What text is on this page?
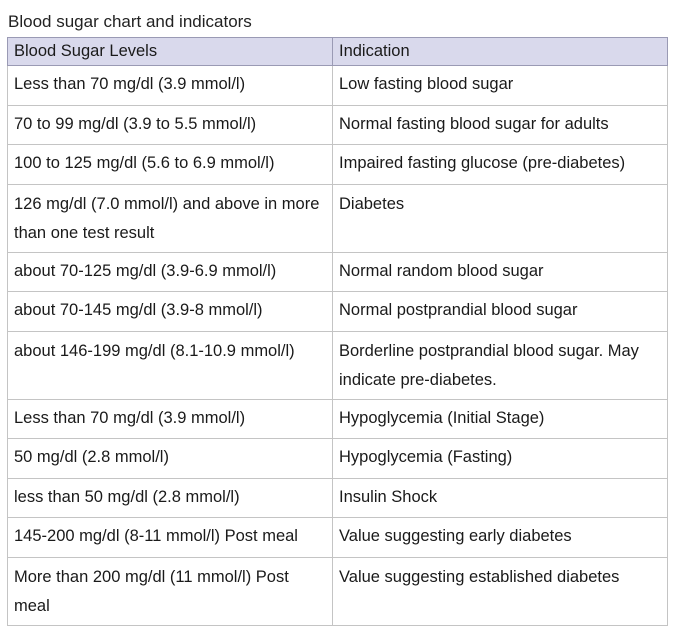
Blood sugar chart and indicators
Blood Sugar Levels	Indication
Less than 70 mg/dl (3.9 mmol/l)	Low fasting blood sugar
70 to 99 mg/dl (3.9 to 5.5 mmol/l)	Normal fasting blood sugar for adults
100 to 125 mg/dl (5.6 to 6.9 mmol/l)	Impaired fasting glucose (pre-diabetes)
126 mg/dl (7.0 mmol/l) and above in more than one test result	Diabetes
about 70-125 mg/dl (3.9-6.9 mmol/l)	Normal random blood sugar
about 70-145 mg/dl (3.9-8 mmol/l)	Normal postprandial blood sugar
about 146-199 mg/dl (8.1-10.9 mmol/l)	Borderline postprandial blood sugar. May indicate pre-diabetes.
Less than 70 mg/dl (3.9 mmol/l)	Hypoglycemia (Initial Stage)
50 mg/dl (2.8 mmol/l)	Hypoglycemia (Fasting)
less than 50 mg/dl (2.8 mmol/l)	Insulin Shock
145-200 mg/dl (8-11 mmol/l) Post meal	Value suggesting early diabetes
More than 200 mg/dl (11 mmol/l) Post meal	Value suggesting established diabetes
